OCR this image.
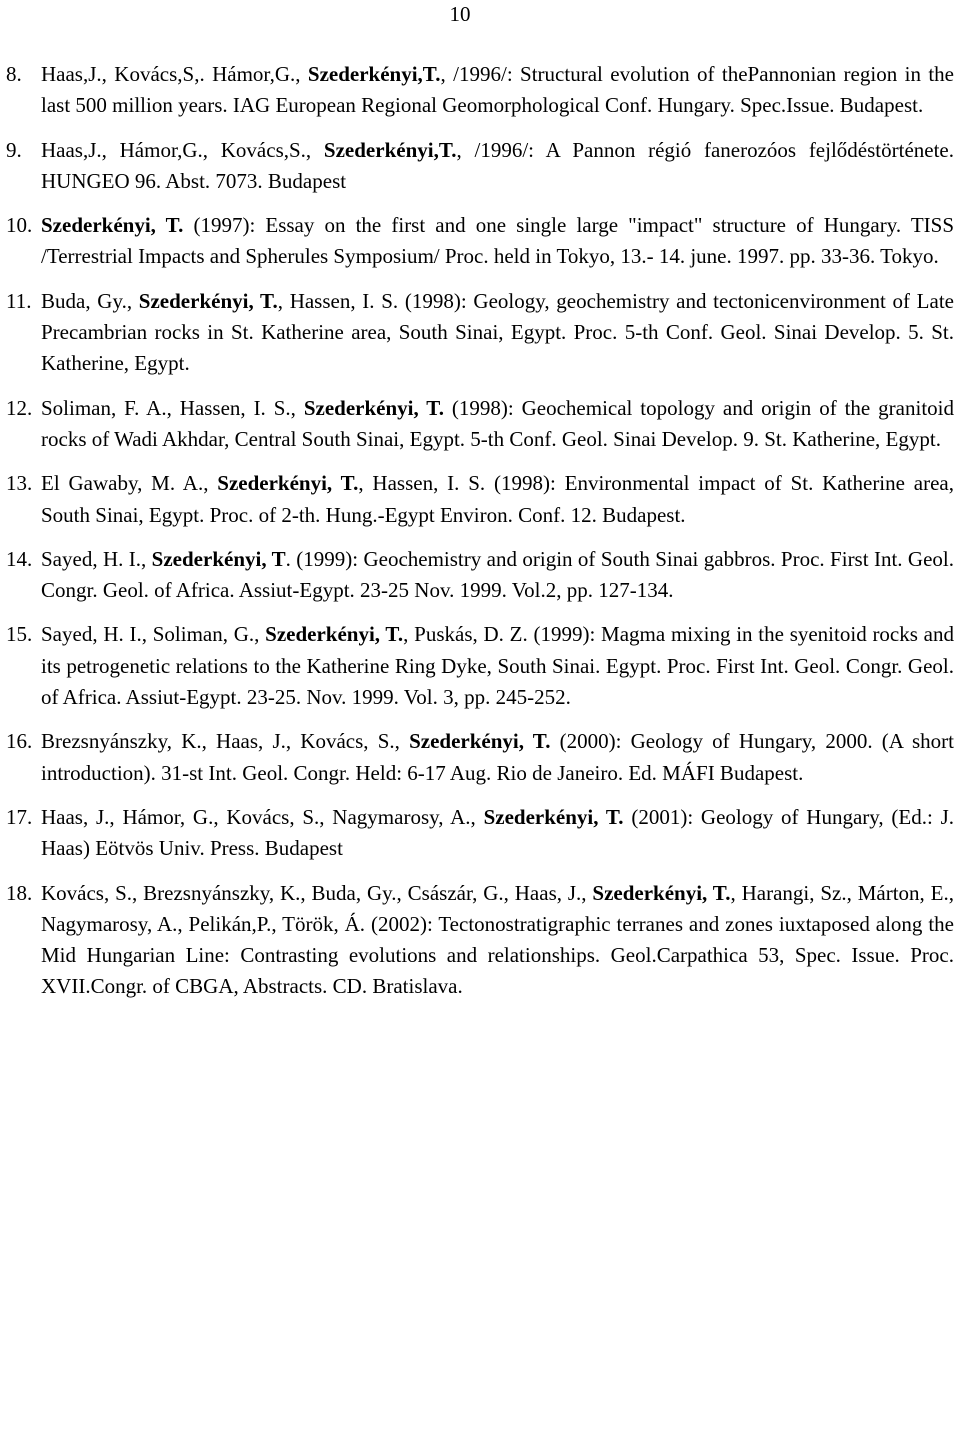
10
8. Haas,J., Kovács,S,. Hámor,G., Szederkényi,T., /1996/: Structural evolution of thePannonian region in the last 500 million years. IAG European Regional Geomorphological Conf. Hungary. Spec.Issue. Budapest.
9. Haas,J., Hámor,G., Kovács,S., Szederkényi,T., /1996/: A Pannon régió fanerozóos fejlődéstörténete. HUNGEO 96. Abst. 7073. Budapest
10. Szederkényi, T. (1997): Essay on the first and one single large "impact" structure of Hungary. TISS /Terrestrial Impacts and Spherules Symposium/ Proc. held in Tokyo, 13.- 14. june. 1997. pp. 33-36. Tokyo.
11. Buda, Gy., Szederkényi, T., Hassen, I. S. (1998): Geology, geochemistry and tectonicenvironment of Late Precambrian rocks in St. Katherine area, South Sinai, Egypt. Proc. 5-th Conf. Geol. Sinai Develop. 5. St. Katherine, Egypt.
12. Soliman, F. A., Hassen, I. S., Szederkényi, T. (1998): Geochemical topology and origin of the granitoid rocks of Wadi Akhdar, Central South Sinai, Egypt. 5-th Conf. Geol. Sinai Develop. 9. St. Katherine, Egypt.
13. El Gawaby, M. A., Szederkényi, T., Hassen, I. S. (1998): Environmental impact of St. Katherine area, South Sinai, Egypt. Proc. of 2-th. Hung.-Egypt Environ. Conf. 12. Budapest.
14. Sayed, H. I., Szederkényi, T. (1999): Geochemistry and origin of South Sinai gabbros. Proc. First Int. Geol. Congr. Geol. of Africa. Assiut-Egypt. 23-25 Nov. 1999. Vol.2, pp. 127-134.
15. Sayed, H. I., Soliman, G., Szederkényi, T., Puskás, D. Z. (1999): Magma mixing in the syenitoid rocks and its petrogenetic relations to the Katherine Ring Dyke, South Sinai. Egypt. Proc. First Int. Geol. Congr. Geol. of Africa. Assiut-Egypt. 23-25. Nov. 1999. Vol. 3, pp. 245-252.
16. Brezsnyánszky, K., Haas, J., Kovács, S., Szederkényi, T. (2000): Geology of Hungary, 2000. (A short introduction). 31-st Int. Geol. Congr. Held: 6-17 Aug. Rio de Janeiro. Ed. MÁFI Budapest.
17. Haas, J., Hámor, G., Kovács, S., Nagymarosy, A., Szederkényi, T. (2001): Geology of Hungary, (Ed.: J. Haas) Eötvös Univ. Press. Budapest
18. Kovács, S., Brezsnyánszky, K., Buda, Gy., Császár, G., Haas, J., Szederkényi, T., Harangi, Sz., Márton, E., Nagymarosy, A., Pelikán,P., Török, Á. (2002): Tectonostratigraphic terranes and zones iuxtaposed along the Mid Hungarian Line: Contrasting evolutions and relationships. Geol.Carpathica 53, Spec. Issue. Proc. XVII.Congr. of CBGA, Abstracts. CD. Bratislava.
